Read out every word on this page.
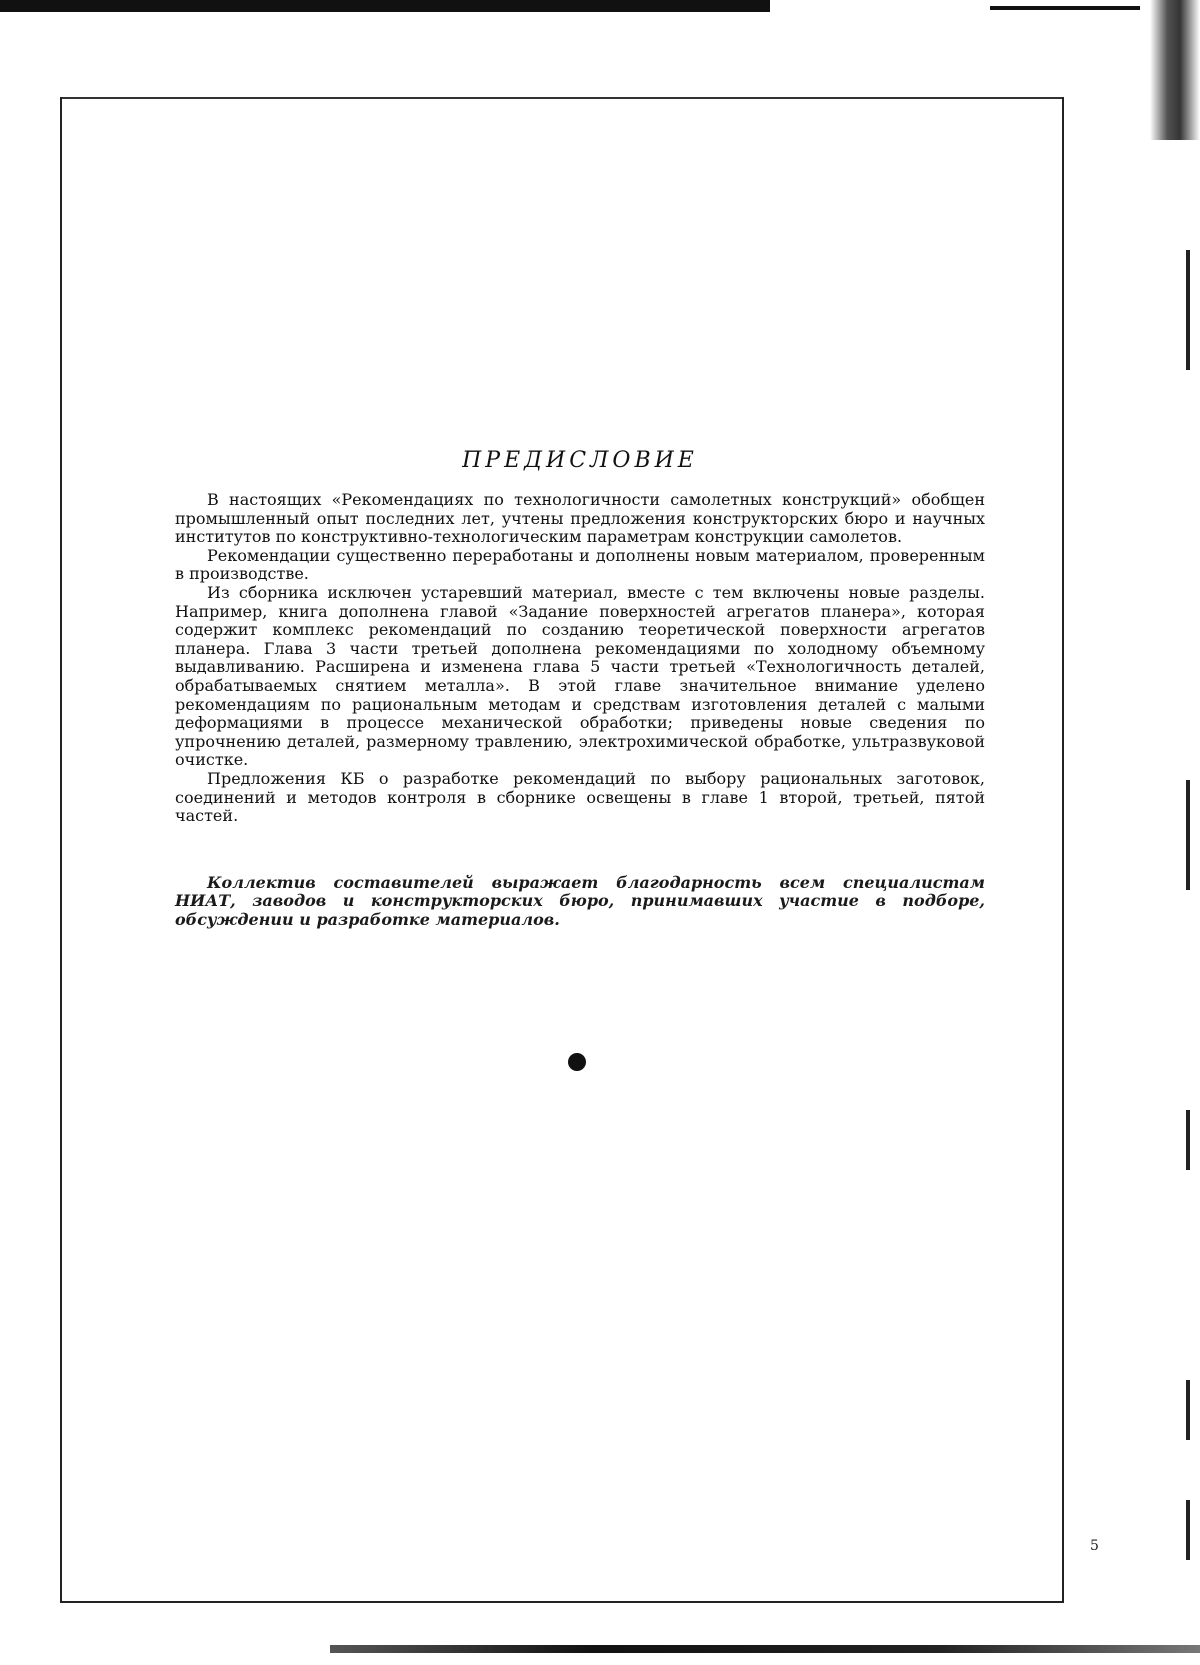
ПРЕДИСЛОВИЕ

В настоящих «Рекомендациях по технологичности самолетных конструкций» обобщен промышленный опыт последних лет, учтены предложения конструкторских бюро и научных институтов по конструктивно-технологическим параметрам конструкции самолетов.

Рекомендации существенно переработаны и дополнены новым материалом, проверенным в производстве.

Из сборника исключен устаревший материал, вместе с тем включены новые разделы. Например, книга дополнена главой «Задание поверхностей агрегатов планера», которая содержит комплекс рекомендаций по созданию теоретической поверхности агрегатов планера. Глава 3 части третьей дополнена рекомендациями по холодному объемному выдавливанию. Расширена и изменена глава 5 части третьей «Технологичность деталей, обрабатываемых снятием металла». В этой главе значительное внимание уделено рекомендациям по рациональным методам и средствам изготовления деталей с малыми деформациями в процессе механической обработки; приведены новые сведения по упрочнению деталей, размерному травлению, электрохимической обработке, ультразвуковой очистке.

Предложения КБ о разработке рекомендаций по выбору рациональных заготовок, соединений и методов контроля в сборнике освещены в главе 1 второй, третьей, пятой частей.

Коллектив составителей выражает благодарность всем специалистам НИАТ, заводов и конструкторских бюро, принимавших участие в подборе, обсуждении и разработке материалов.

5
